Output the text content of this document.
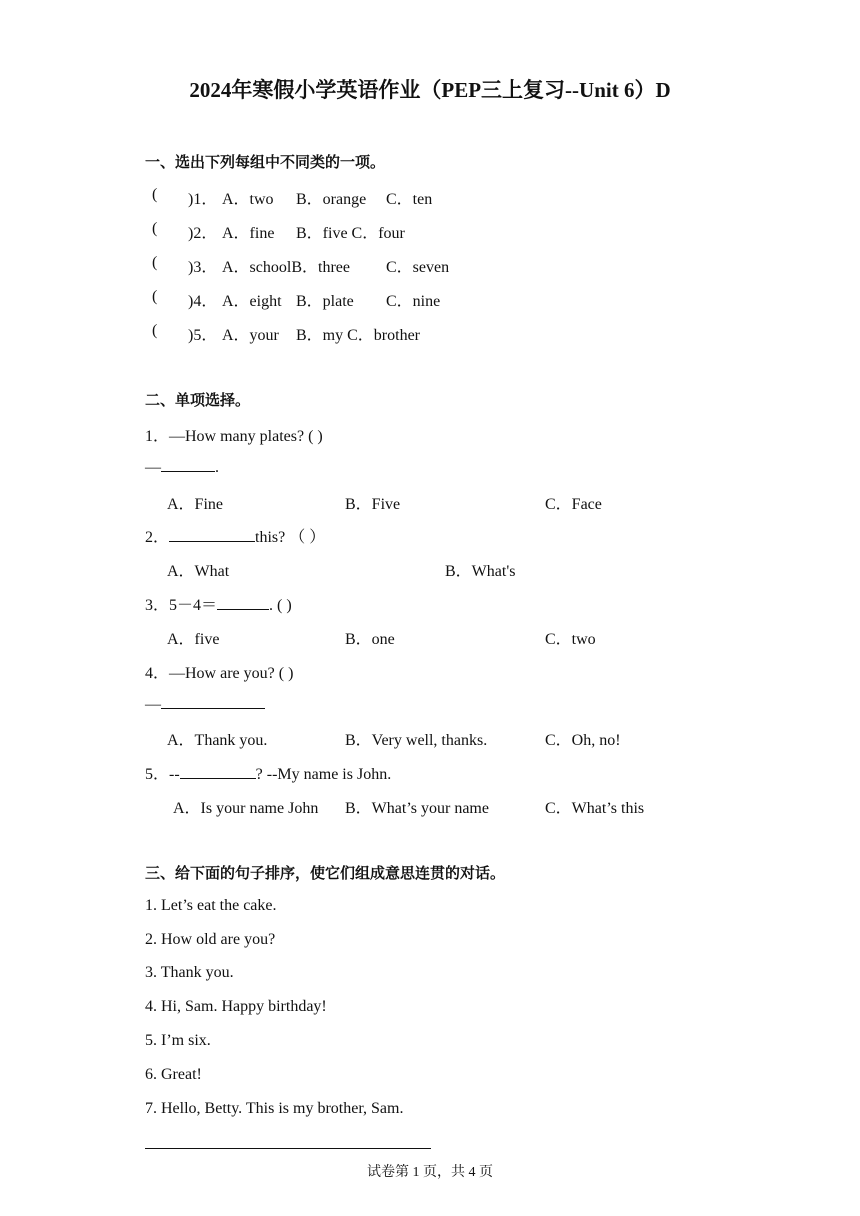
2024年寒假小学英语作业（PEP三上复习--Unit 6）D
一、选出下列每组中不同类的一项。
( )1． A．two B．orange C．ten
( )2． A．fine B．five C．four
( )3． A．schoolB．three C．seven
( )4． A．eight B．plate C．nine
( )5． A．your B．my C．brother
二、单项选择。
1．—How many plates? ( )
—	.
A．Fine	B．Five	C．Face
2．	this? （ ）
A．What	B．What's
3．5－4＝	. ( )
A．five	B．one	C．two
4．—How are you? ( )
—
A．Thank you.	B．Very well, thanks.	C．Oh, no!
5．--	? --My name is John.
A．Is your name John B．What’s your name	C．What’s this
三、给下面的句子排序，使它们组成意思连贯的对话。
1. Let’s eat the cake.
2. How old are you?
3. Thank you.
4. Hi, Sam. Happy birthday!
5. I’m six.
6. Great!
7. Hello, Betty. This is my brother, Sam.
试卷第 1 页，共 4 页
